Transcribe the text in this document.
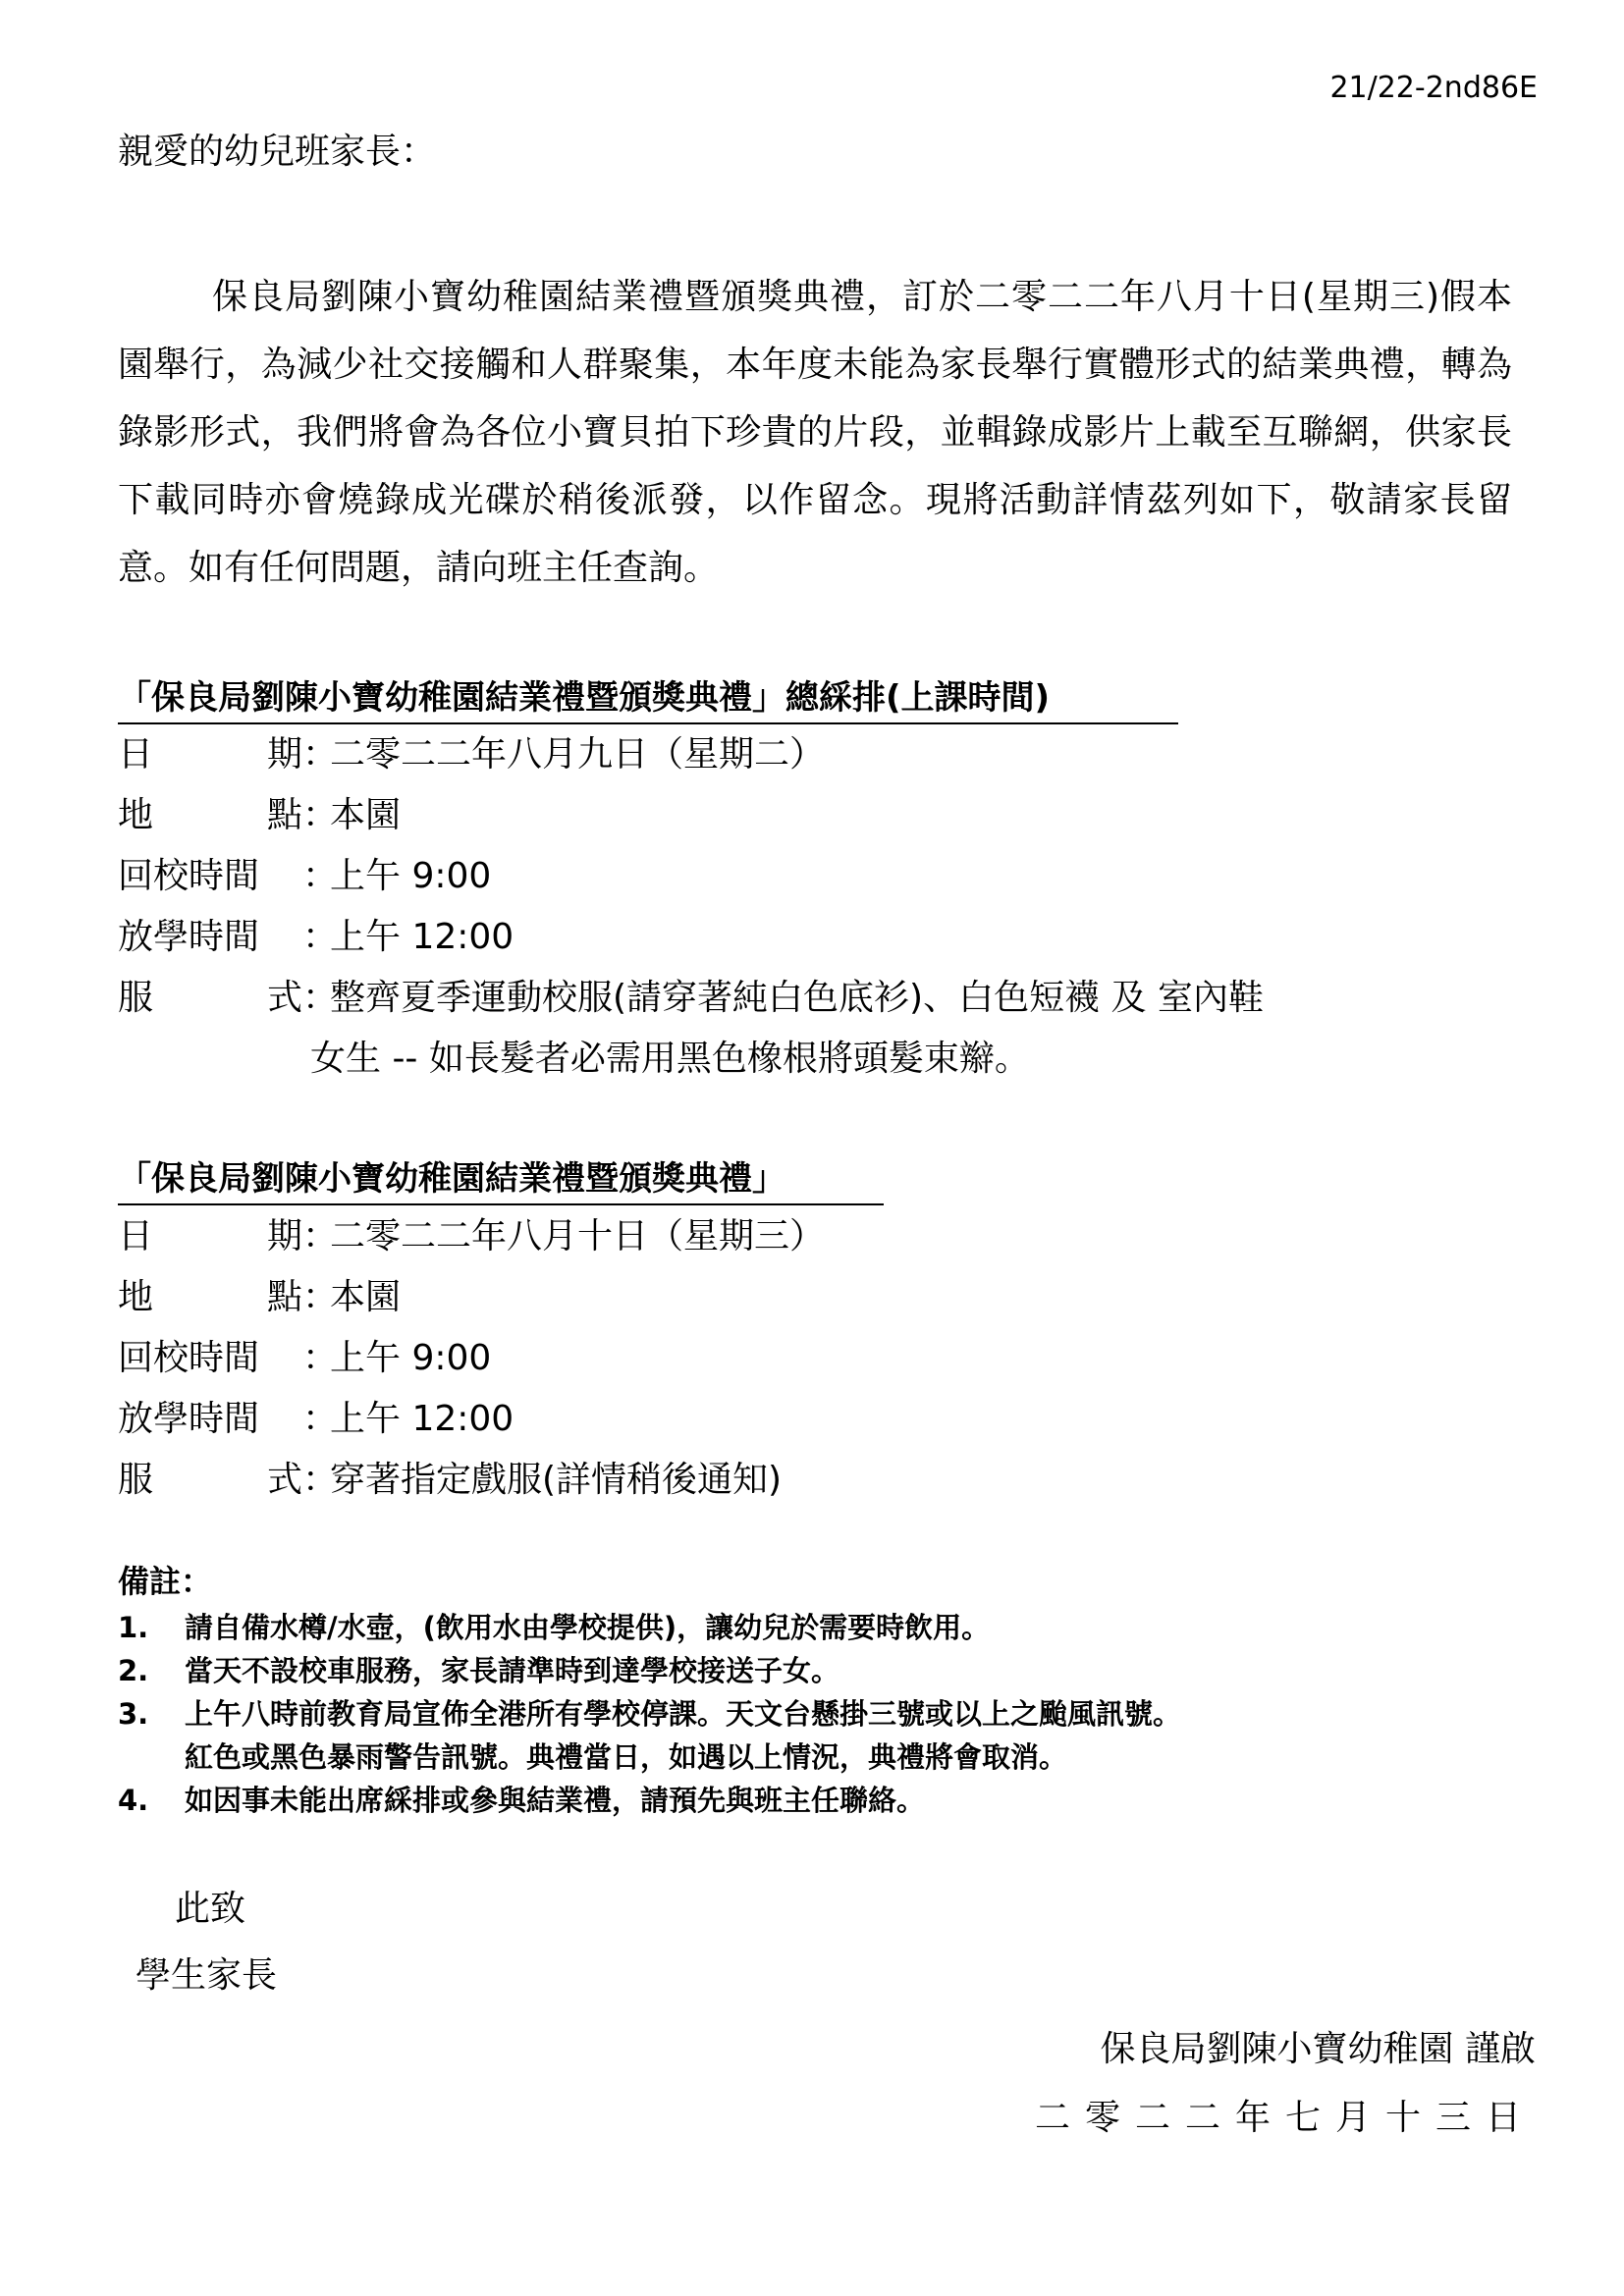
21/22-2nd86E
親愛的幼兒班家長：

保良局劉陳小寶幼稚園結業禮暨頒獎典禮，訂於二零二二年八月十日(星期三)假本園舉行，為減少社交接觸和人群聚集，本年度未能為家長舉行實體形式的結業典禮，轉為錄影形式，我們將會為各位小寶貝拍下珍貴的片段，並輯錄成影片上載至互聯網，供家長下載同時亦會燒錄成光碟於稍後派發，以作留念。現將活動詳情茲列如下，敬請家長留意。如有任何問題，請向班主任查詢。

「保良局劉陳小寶幼稚園結業禮暨頒獎典禮」總綵排(上課時間)
日	期 ：
二零二二年八月九日（星期二）
地	點 ：
本園
回校時間	：
上午 9:00
放學時間	：
上午 12:00
服	式 ：
整齊夏季運動校服(請穿著純白色底衫)、白色短襪 及 室內鞋
女生 -- 如長髮者必需用黑色橡根將頭髮束辮。
「保良局劉陳小寶幼稚園結業禮暨頒獎典禮」
日	期 ：
二零二二年八月十日（星期三）
地	點 ：
本園
回校時間	：
上午 9:00
放學時間	：
上午 12:00
服	式 ：
穿著指定戲服(詳情稍後通知)
備註：
1.	請自備水樽/水壺，(飲用水由學校提供)，讓幼兒於需要時飲用。
2.	當天不設校車服務，家長請準時到達學校接送子女。
3.	上午八時前教育局宣佈全港所有學校停課。天文台懸掛三號或以上之颱風訊號。
紅色或黑色暴雨警告訊號。典禮當日，如遇以上情況，典禮將會取消。
4.	如因事未能出席綵排或參與結業禮，請預先與班主任聯絡。
此致
學生家長
保良局劉陳小寶幼稚園 謹啟
二零二二年七月十三日
